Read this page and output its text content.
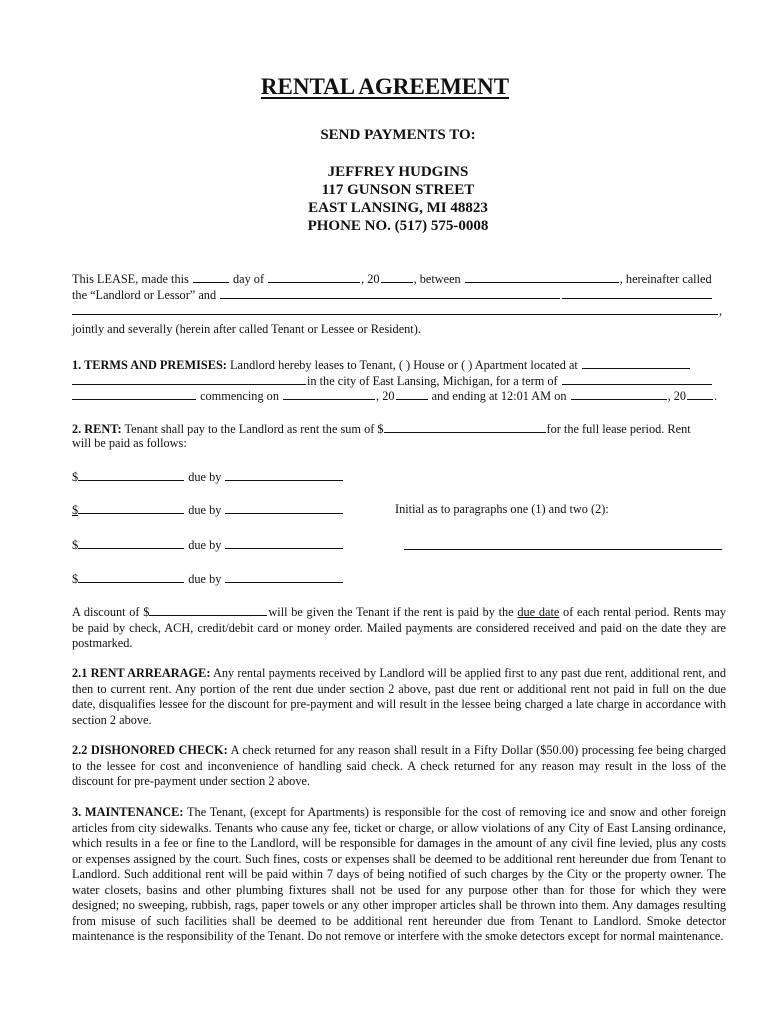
RENTAL AGREEMENT
SEND PAYMENTS TO:
JEFFREY HUDGINS
117 GUNSON STREET
EAST LANSING, MI 48823
PHONE NO. (517) 575-0008
This LEASE, made this	day of	, 20	, between	, hereinafter called
the “Landlord or Lessor” and
,
jointly and severally (herein after called Tenant or Lessee or Resident).
1. TERMS AND PREMISES: Landlord hereby leases to Tenant, ( ) House or ( ) Apartment located at
in the city of East Lansing, Michigan, for a term of
commencing on	, 20	and ending at 12:01 AM on	, 20 .
2. RENT: Tenant shall pay to the Landlord as rent the sum of $	for the full lease period. Rent
will be paid as follows:
$	due by
$	due by	Initial as to paragraphs one (1) and two (2):
$	due by
$	due by
A discount of $	will be given the Tenant if the rent is paid by the due date of each rental period. Rents may be paid by check, ACH, credit/debit card or money order. Mailed payments are considered received and paid on the date they are postmarked.
2.1 RENT ARREARAGE: Any rental payments received by Landlord will be applied first to any past due rent, additional rent, and then to current rent. Any portion of the rent due under section 2 above, past due rent or additional rent not paid in full on the due date, disqualifies lessee for the discount for pre-payment and will result in the lessee being charged a late charge in accordance with section 2 above.
2.2 DISHONORED CHECK: A check returned for any reason shall result in a Fifty Dollar ($50.00) processing fee being charged to the lessee for cost and inconvenience of handling said check. A check returned for any reason may result in the loss of the discount for pre-payment under section 2 above.
3. MAINTENANCE: The Tenant, (except for Apartments) is responsible for the cost of removing ice and snow and other foreign articles from city sidewalks. Tenants who cause any fee, ticket or charge, or allow violations of any City of East Lansing ordinance, which results in a fee or fine to the Landlord, will be responsible for damages in the amount of any civil fine levied, plus any costs or expenses assigned by the court. Such fines, costs or expenses shall be deemed to be additional rent hereunder due from Tenant to Landlord. Such additional rent will be paid within 7 days of being notified of such charges by the City or the property owner. The water closets, basins and other plumbing fixtures shall not be used for any purpose other than for those for which they were designed; no sweeping, rubbish, rags, paper towels or any other improper articles shall be thrown into them. Any damages resulting from misuse of such facilities shall be deemed to be additional rent hereunder due from Tenant to Landlord. Smoke detector maintenance is the responsibility of the Tenant. Do not remove or interfere with the smoke detectors except for normal maintenance.
